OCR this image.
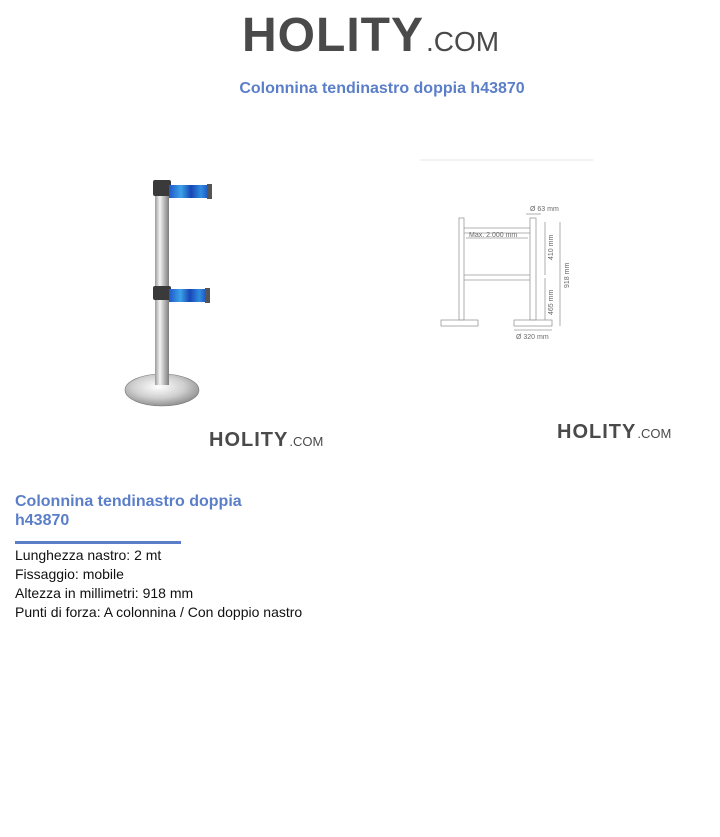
HOLITY .COM
Colonnina tendinastro doppia h43870
Ø 63 mm
Max. 2.000 mm
Ø 320 mm
410 mm
465 mm
918 mm
HOLITY .COM	HOLITY .COM
Colonnina tendinastro doppia h43870
Lunghezza nastro: 2 mt
Fissaggio: mobile
Altezza in millimetri: 918 mm
Punti di forza: A colonnina / Con doppio nastro
